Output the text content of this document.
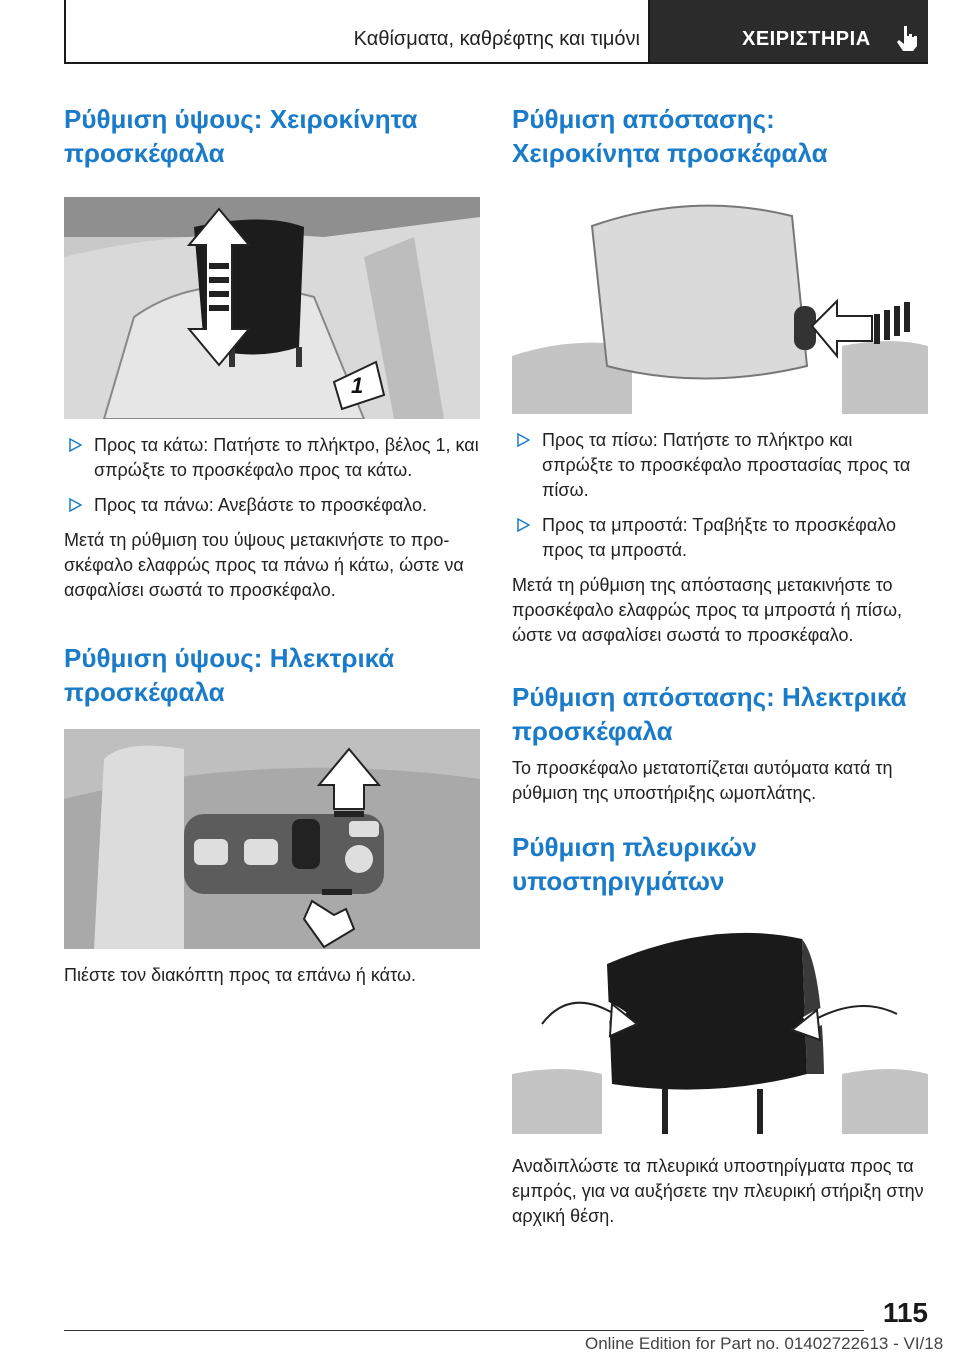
Καθίσματα, καθρέφτης και τιμόνι	ΧΕΙΡΙΣΤΗΡΙΑ
Ρύθμιση ύψους: Χειροκίνητα προσκέφαλα
1
Προς τα κάτω: Πατήστε το πλήκτρο, βέλος 1, και σπρώξτε το προσκέφαλο προς τα κάτω.
Προς τα πάνω: Ανεβάστε το προσκέφαλο.

Μετά τη ρύθμιση του ύψους μετακινήστε το προ-σκέφαλο ελαφρώς προς τα πάνω ή κάτω, ώστε να ασφαλίσει σωστά το προσκέφαλο.

Ρύθμιση ύψους: Ηλεκτρικά προσκέφαλα

Πιέστε τον διακόπτη προς τα επάνω ή κάτω.

Ρύθμιση απόστασης: Χειροκίνητα προσκέφαλα
Προς τα πίσω: Πατήστε το πλήκτρο και σπρώξτε το προσκέφαλο προστασίας προς τα πίσω.
Προς τα μπροστά: Τραβήξτε το προσκέφαλο προς τα μπροστά.

Μετά τη ρύθμιση της απόστασης μετακινήστε το προσκέφαλο ελαφρώς προς τα μπροστά ή πίσω, ώστε να ασφαλίσει σωστά το προσκέφαλο.

Ρύθμιση απόστασης: Ηλεκτρικά προσκέφαλα

Το προσκέφαλο μετατοπίζεται αυτόματα κατά τη ρύθμιση της υποστήριξης ωμοπλάτης.

Ρύθμιση πλευρικών υποστηριγμάτων

Αναδιπλώστε τα πλευρικά υποστηρίγματα προς τα εμπρός, για να αυξήσετε την πλευρική στήριξη στην αρχική θέση.

115
Online Edition for Part no. 01402722613 - VI/18
